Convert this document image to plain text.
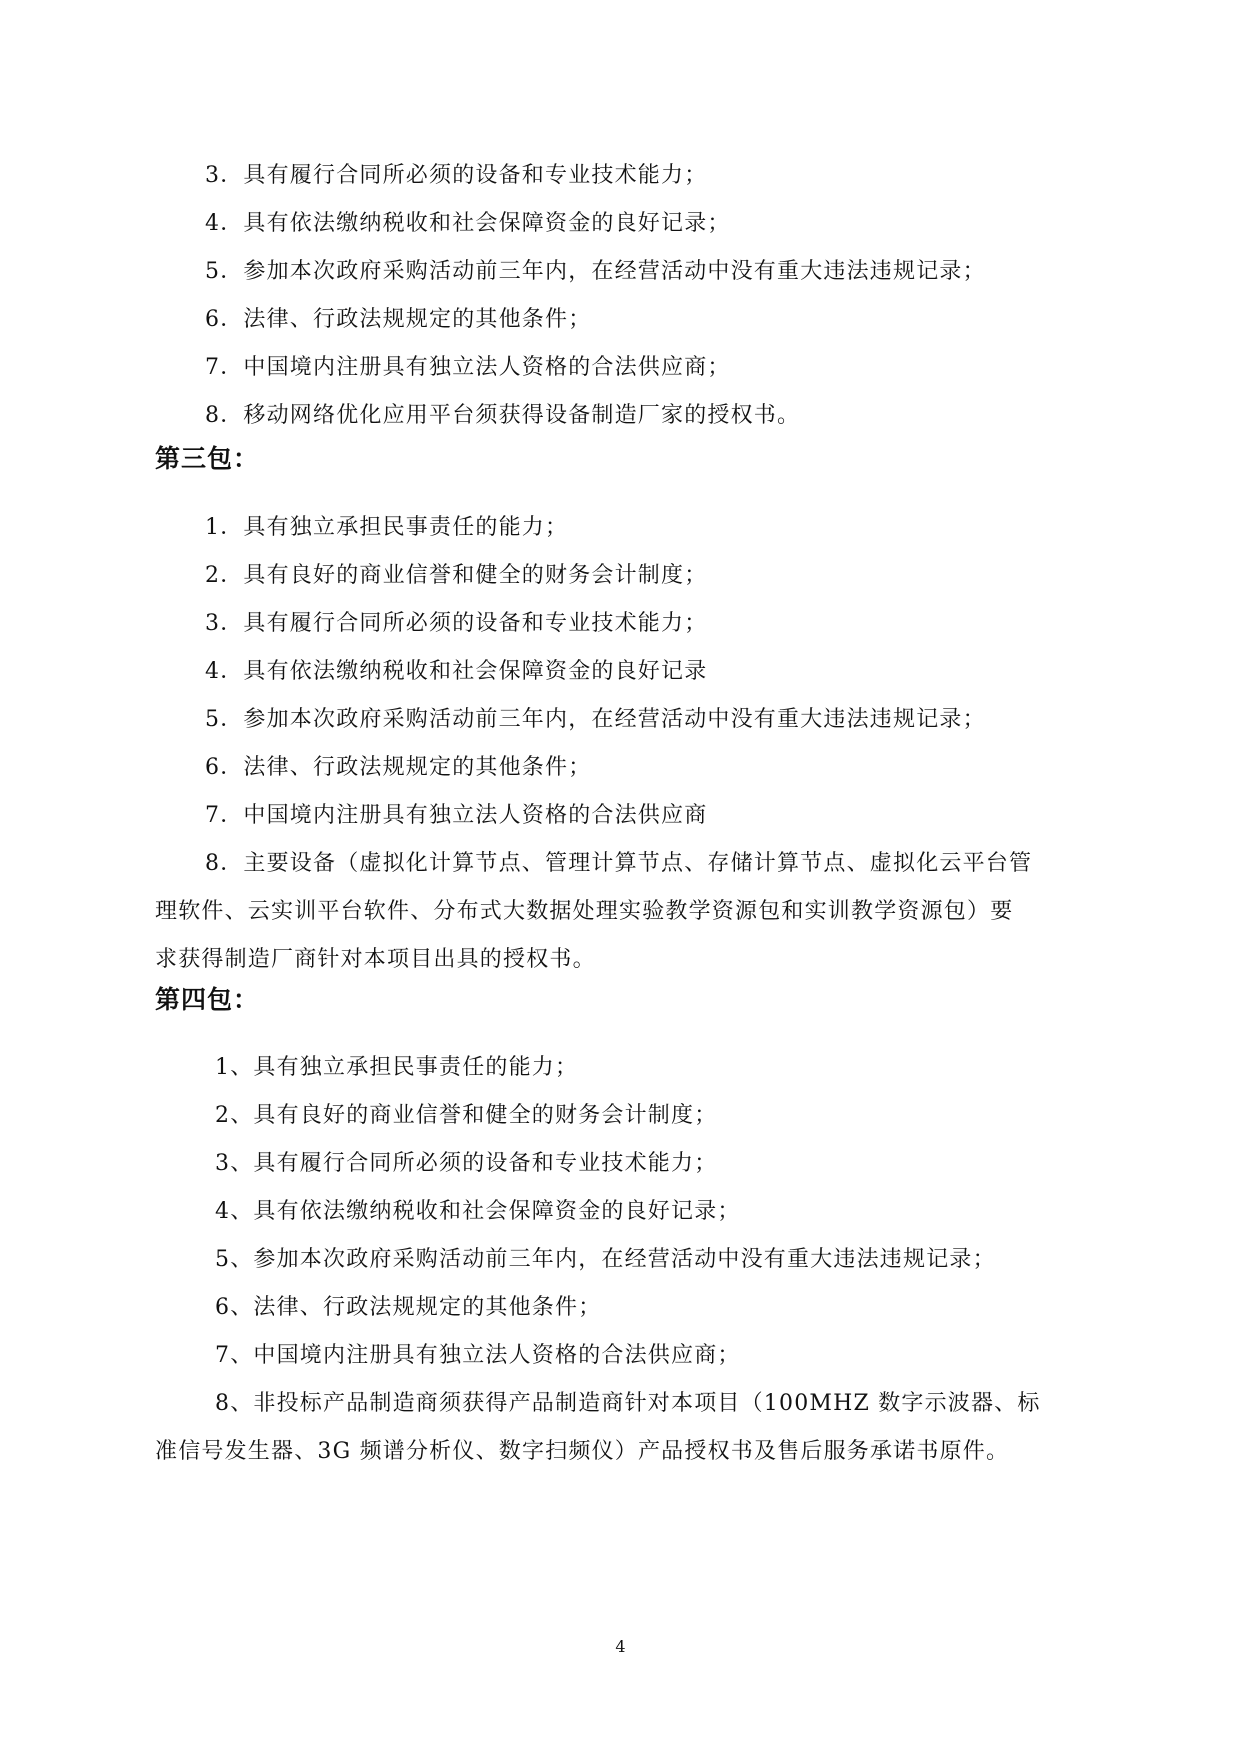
3．具有履行合同所必须的设备和专业技术能力；
4．具有依法缴纳税收和社会保障资金的良好记录；
5．参加本次政府采购活动前三年内，在经营活动中没有重大违法违规记录；
6．法律、行政法规规定的其他条件；
7．中国境内注册具有独立法人资格的合法供应商；
8．移动网络优化应用平台须获得设备制造厂家的授权书。
第三包：
1．具有独立承担民事责任的能力；
2．具有良好的商业信誉和健全的财务会计制度；
3．具有履行合同所必须的设备和专业技术能力；
4．具有依法缴纳税收和社会保障资金的良好记录
5．参加本次政府采购活动前三年内，在经营活动中没有重大违法违规记录；
6．法律、行政法规规定的其他条件；
7．中国境内注册具有独立法人资格的合法供应商
8．主要设备（虚拟化计算节点、管理计算节点、存储计算节点、虚拟化云平台管
理软件、云实训平台软件、分布式大数据处理实验教学资源包和实训教学资源包）要
求获得制造厂商针对本项目出具的授权书。
第四包：
1、具有独立承担民事责任的能力；
2、具有良好的商业信誉和健全的财务会计制度；
3、具有履行合同所必须的设备和专业技术能力；
4、具有依法缴纳税收和社会保障资金的良好记录；
5、参加本次政府采购活动前三年内，在经营活动中没有重大违法违规记录；
6、法律、行政法规规定的其他条件；
7、中国境内注册具有独立法人资格的合法供应商；
8、非投标产品制造商须获得产品制造商针对本项目（100MHZ 数字示波器、标
准信号发生器、3G 频谱分析仪、数字扫频仪）产品授权书及售后服务承诺书原件。
4
